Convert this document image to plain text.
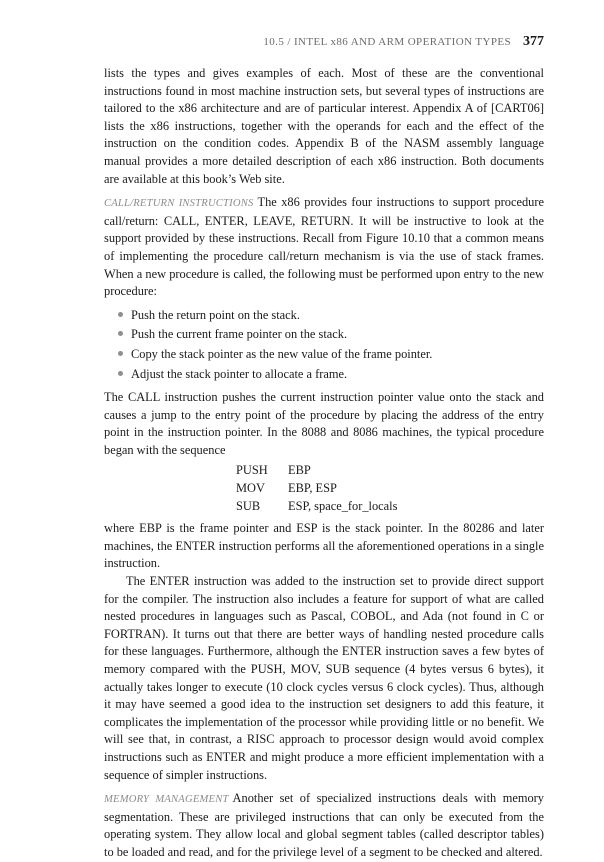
10.5 / INTEL x86 AND ARM OPERATION TYPES 377

lists the types and gives examples of each. Most of these are the conventional instructions found in most machine instruction sets, but several types of instructions are tailored to the x86 architecture and are of particular interest. Appendix A of [CART06] lists the x86 instructions, together with the operands for each and the effect of the instruction on the condition codes. Appendix B of the NASM assembly language manual provides a more detailed description of each x86 instruction. Both documents are available at this book’s Web site.

CALL/RETURN INSTRUCTIONS The x86 provides four instructions to support procedure call/return: CALL, ENTER, LEAVE, RETURN. It will be instructive to look at the support provided by these instructions. Recall from Figure 10.10 that a common means of implementing the procedure call/return mechanism is via the use of stack frames. When a new procedure is called, the following must be performed upon entry to the new procedure:

Push the return point on the stack.
Push the current frame pointer on the stack.
Copy the stack pointer as the new value of the frame pointer.
Adjust the stack pointer to allocate a frame.

The CALL instruction pushes the current instruction pointer value onto the stack and causes a jump to the entry point of the procedure by placing the address of the entry point in the instruction pointer. In the 8088 and 8086 machines, the typical procedure began with the sequence

PUSH	EBP
MOV	EBP, ESP
SUB	ESP, space_for_locals

where EBP is the frame pointer and ESP is the stack pointer. In the 80286 and later machines, the ENTER instruction performs all the aforementioned operations in a single instruction.

The ENTER instruction was added to the instruction set to provide direct support for the compiler. The instruction also includes a feature for support of what are called nested procedures in languages such as Pascal, COBOL, and Ada (not found in C or FORTRAN). It turns out that there are better ways of handling nested procedure calls for these languages. Furthermore, although the ENTER instruction saves a few bytes of memory compared with the PUSH, MOV, SUB sequence (4 bytes versus 6 bytes), it actually takes longer to execute (10 clock cycles versus 6 clock cycles). Thus, although it may have seemed a good idea to the instruction set designers to add this feature, it complicates the implementation of the processor while providing little or no benefit. We will see that, in contrast, a RISC approach to processor design would avoid complex instructions such as ENTER and might produce a more efficient implementation with a sequence of simpler instructions.

MEMORY MANAGEMENT Another set of specialized instructions deals with memory segmentation. These are privileged instructions that can only be executed from the operating system. They allow local and global segment tables (called descriptor tables) to be loaded and read, and for the privilege level of a segment to be checked and altered.
